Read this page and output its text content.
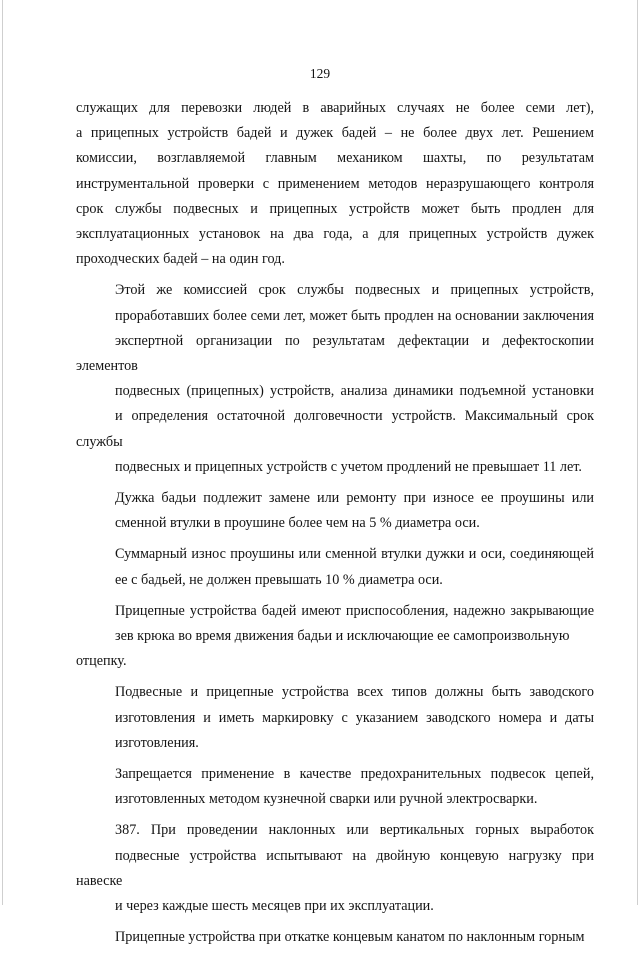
129
служащих для перевозки людей в аварийных случаях не более семи лет),
а прицепных устройств бадей и дужек бадей – не более двух лет. Решением
комиссии, возглавляемой главным механиком шахты, по результатам
инструментальной проверки с применением методов неразрушающего контроля
срок службы подвесных и прицепных устройств может быть продлен для
эксплуатационных установок на два года, а для прицепных устройств дужек
проходческих бадей – на один год.
Этой же комиссией срок службы подвесных и прицепных устройств,
проработавших более семи лет, может быть продлен на основании заключения
экспертной организации по результатам дефектации и дефектоскопии элементов
подвесных (прицепных) устройств, анализа динамики подъемной установки
и определения остаточной долговечности устройств. Максимальный срок службы
подвесных и прицепных устройств с учетом продлений не превышает 11 лет.
Дужка бадьи подлежит замене или ремонту при износе ее проушины или
сменной втулки в проушине более чем на 5 % диаметра оси.
Суммарный износ проушины или сменной втулки дужки и оси, соединяющей
ее с бадьей, не должен превышать 10 % диаметра оси.
Прицепные устройства бадей имеют приспособления, надежно закрывающие
зев крюка во время движения бадьи и исключающие ее самопроизвольную отцепку.
Подвесные и прицепные устройства всех типов должны быть заводского
изготовления и иметь маркировку с указанием заводского номера и даты
изготовления.
Запрещается применение в качестве предохранительных подвесок цепей,
изготовленных методом кузнечной сварки или ручной электросварки.
387. При проведении наклонных или вертикальных горных выработок
подвесные устройства испытывают на двойную концевую нагрузку при навеске
и через каждые шесть месяцев при их эксплуатации.
Прицепные устройства при откатке концевым канатом по наклонным горным
